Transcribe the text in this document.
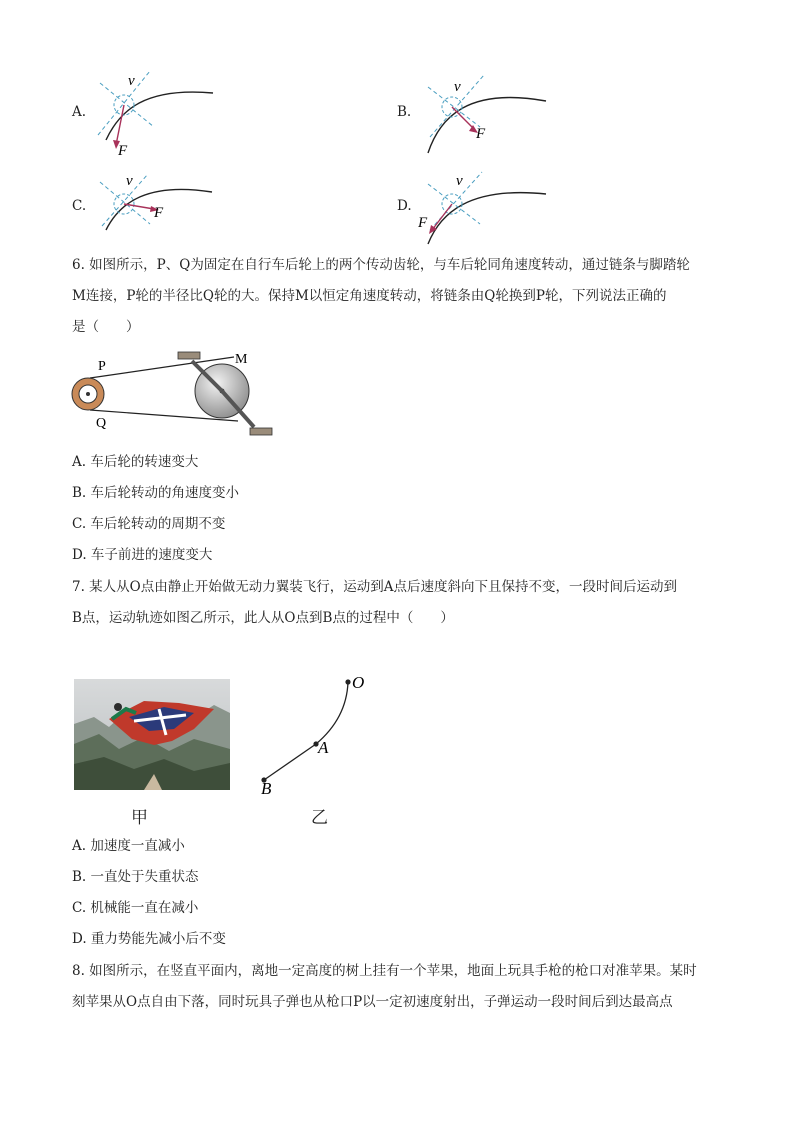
A.
v
F
B.
v
F
C.
v
F	D.
v
F
6. 如图所示，P、Q为固定在自行车后轮上的两个传动齿轮，与车后轮同角速度转动，通过链条与脚踏轮
M连接，P轮的半径比Q轮的大。保持M以恒定角速度转动，将链条由Q轮换到P轮，下列说法正确的
是（　　）
P
Q
M
A. 车后轮的转速变大
B. 车后轮转动的角速度变小
C. 车后轮转动的周期不变
D. 车子前进的速度变大
7. 某人从O点由静止开始做无动力翼装飞行，运动到A点后速度斜向下且保持不变，一段时间后运动到
B点，运动轨迹如图乙所示，此人从O点到B点的过程中（　　）
甲
O
A
B
乙
A. 加速度一直减小
B. 一直处于失重状态
C. 机械能一直在减小
D. 重力势能先减小后不变
8. 如图所示，在竖直平面内，离地一定高度的树上挂有一个苹果，地面上玩具手枪的枪口对准苹果。某时
刻苹果从O点自由下落，同时玩具子弹也从枪口P以一定初速度射出，子弹运动一段时间后到达最高点
